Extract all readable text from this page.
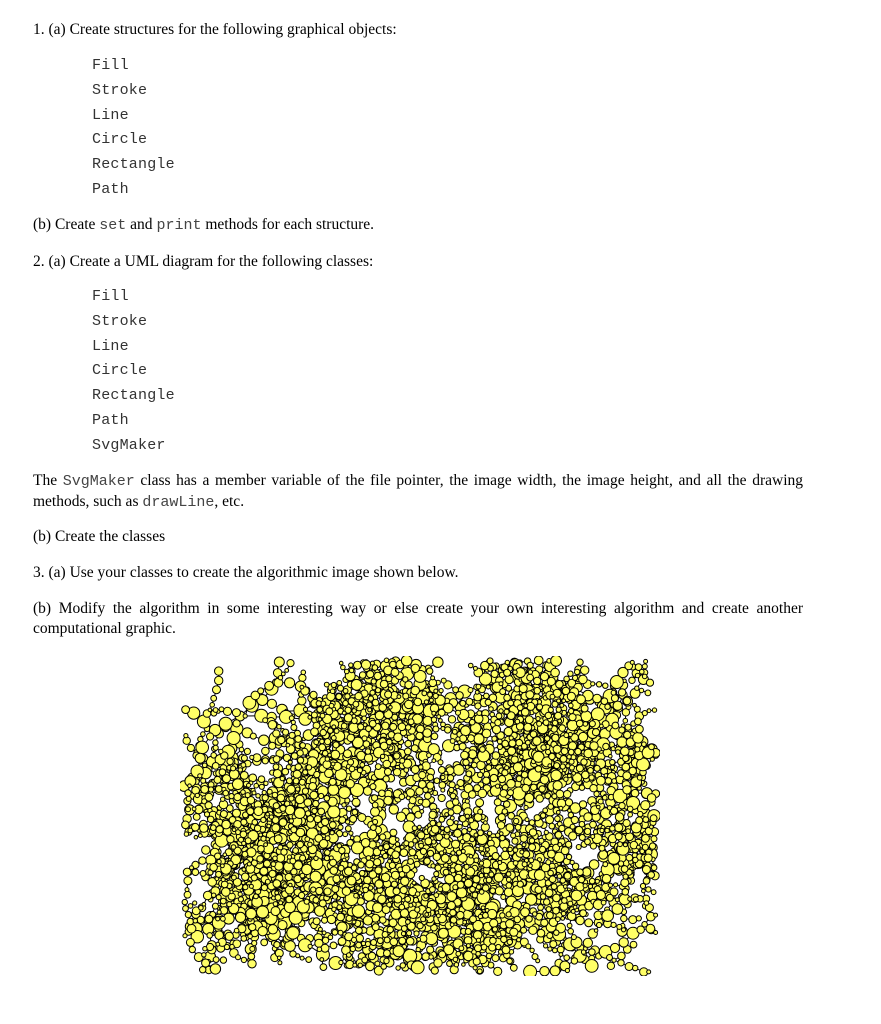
1. (a) Create structures for the following graphical objects:

Fill
Stroke
Line
Circle
Rectangle
Path

(b) Create set and print methods for each structure.

2. (a) Create a UML diagram for the following classes:

Fill
Stroke
Line
Circle
Rectangle
Path
SvgMaker

The SvgMaker class has a member variable of the file pointer, the image width, the image height, and all the drawing methods, such as drawLine, etc.

(b) Create the classes

3. (a) Use your classes to create the algorithmic image shown below.

(b) Modify the algorithm in some interesting way or else create your own interesting algorithm and create another computational graphic.
